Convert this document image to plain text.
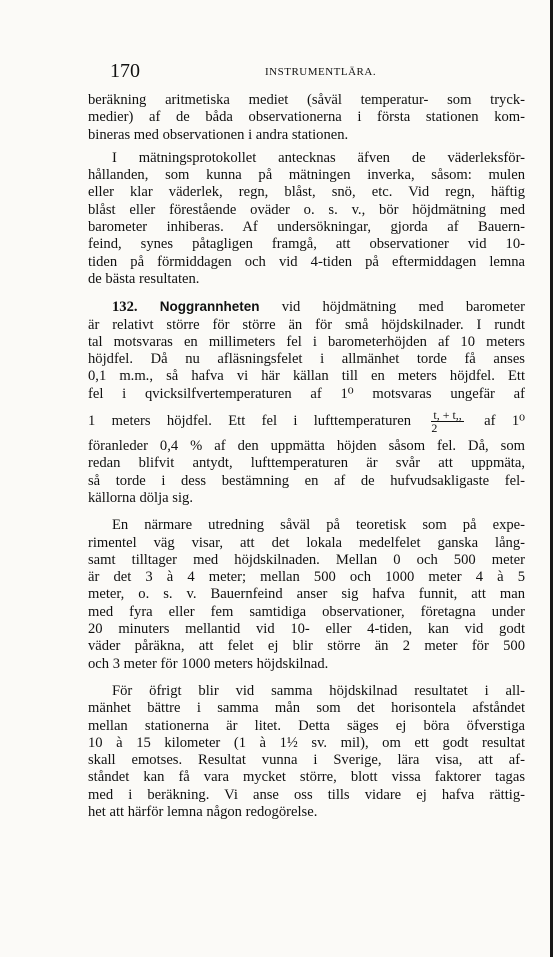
170	INSTRUMENTLÄRA.
beräkning aritmetiska mediet (såväl temperatur- som tryck-
medier) af de båda observationerna i första stationen kom-
bineras med observationen i andra stationen.
I mätningsprotokollet antecknas äfven de väderleksför-
hållanden, som kunna på mätningen inverka, såsom: mulen
eller klar väderlek, regn, blåst, snö, etc. Vid regn, häftig
blåst eller förestående oväder o. s. v., bör höjdmätning med
barometer inhiberas. Af undersökningar, gjorda af Bauern-
feind, synes påtagligen framgå, att observationer vid 10-
tiden på förmiddagen och vid 4-tiden på eftermiddagen lemna
de bästa resultaten.
132. Noggrannheten vid höjdmätning med barometer
är relativt större för större än för små höjdskilnader. I rundt
tal motsvaras en millimeters fel i barometerhöjden af 10 meters
höjdfel. Då nu afläsningsfelet i allmänhet torde få anses
0,1 m.m., så hafva vi här källan till en meters höjdfel. Ett
fel i qvicksilfvertemperaturen af 1⁰ motsvaras ungefär af
1 meters höjdfel. Ett fel i lufttemperaturen $\frac{t, + t,,}{2}$ af 1⁰
föranleder 0,4 % af den uppmätta höjden såsom fel. Då, som
redan blifvit antydt, lufttemperaturen är svår att uppmäta,
så torde i dess bestämning en af de hufvudsakligaste fel-
källorna dölja sig.
En närmare utredning såväl på teoretisk som på expe-
rimentel väg visar, att det lokala medelfelet ganska lång-
samt tilltager med höjdskilnaden. Mellan 0 och 500 meter
är det 3 à 4 meter; mellan 500 och 1000 meter 4 à 5
meter, o. s. v. Bauernfeind anser sig hafva funnit, att man
med fyra eller fem samtidiga observationer, företagna under
20 minuters mellantid vid 10- eller 4-tiden, kan vid godt
väder påräkna, att felet ej blir större än 2 meter för 500
och 3 meter för 1000 meters höjdskilnad.
För öfrigt blir vid samma höjdskilnad resultatet i all-
mänhet bättre i samma mån som det horisontela afståndet
mellan stationerna är litet. Detta säges ej böra öfverstiga
10 à 15 kilometer (1 à 1½ sv. mil), om ett godt resultat
skall emotses. Resultat vunna i Sverige, lära visa, att af-
ståndet kan få vara mycket större, blott vissa faktorer tagas
med i beräkning. Vi anse oss tills vidare ej hafva rättig-
het att härför lemna någon redogörelse.
